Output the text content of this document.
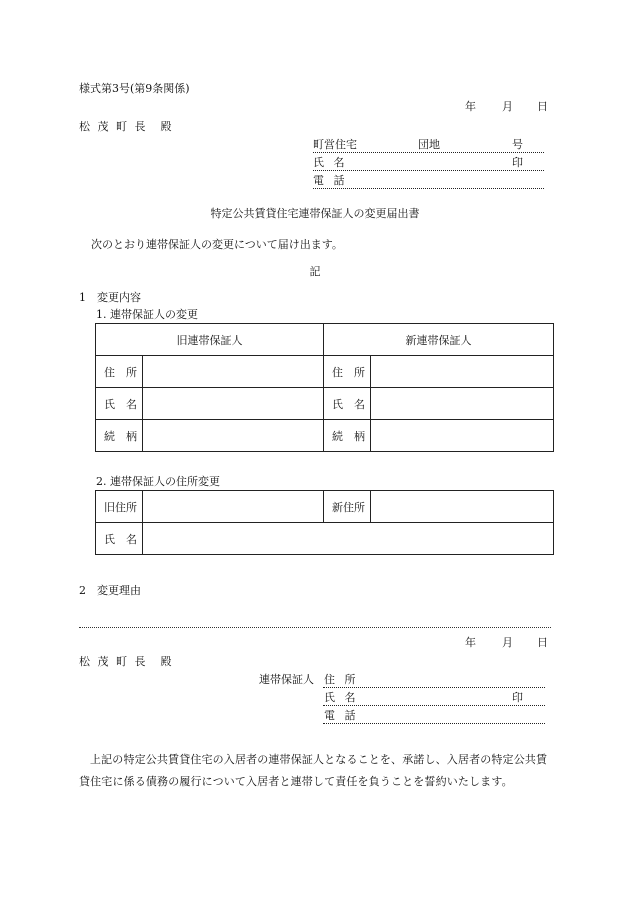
様式第3号(第9条関係)
年 月 日
松 茂 町 長　殿
町営住宅	団地	号
氏 名	印
電 話
特定公共賃貸住宅連帯保証人の変更届出書
次のとおり連帯保証人の変更について届け出ます。
記
1　変更内容
1. 連帯保証人の変更
旧連帯保証人		新連帯保証人	
住　所		住　所	
氏　名		氏　名	
続　柄		続　柄	
2. 連帯保証人の住所変更
旧住所		新住所	
氏　名			
2　変更理由
年 月 日
松 茂 町 長　殿
連帯保証人 住 所
氏 名	印
電 話
上記の特定公共賃貸住宅の入居者の連帯保証人となることを、承諾し、入居者の特定公共賃貸住宅に係る債務の履行について入居者と連帯して責任を負うことを誓約いたします。
